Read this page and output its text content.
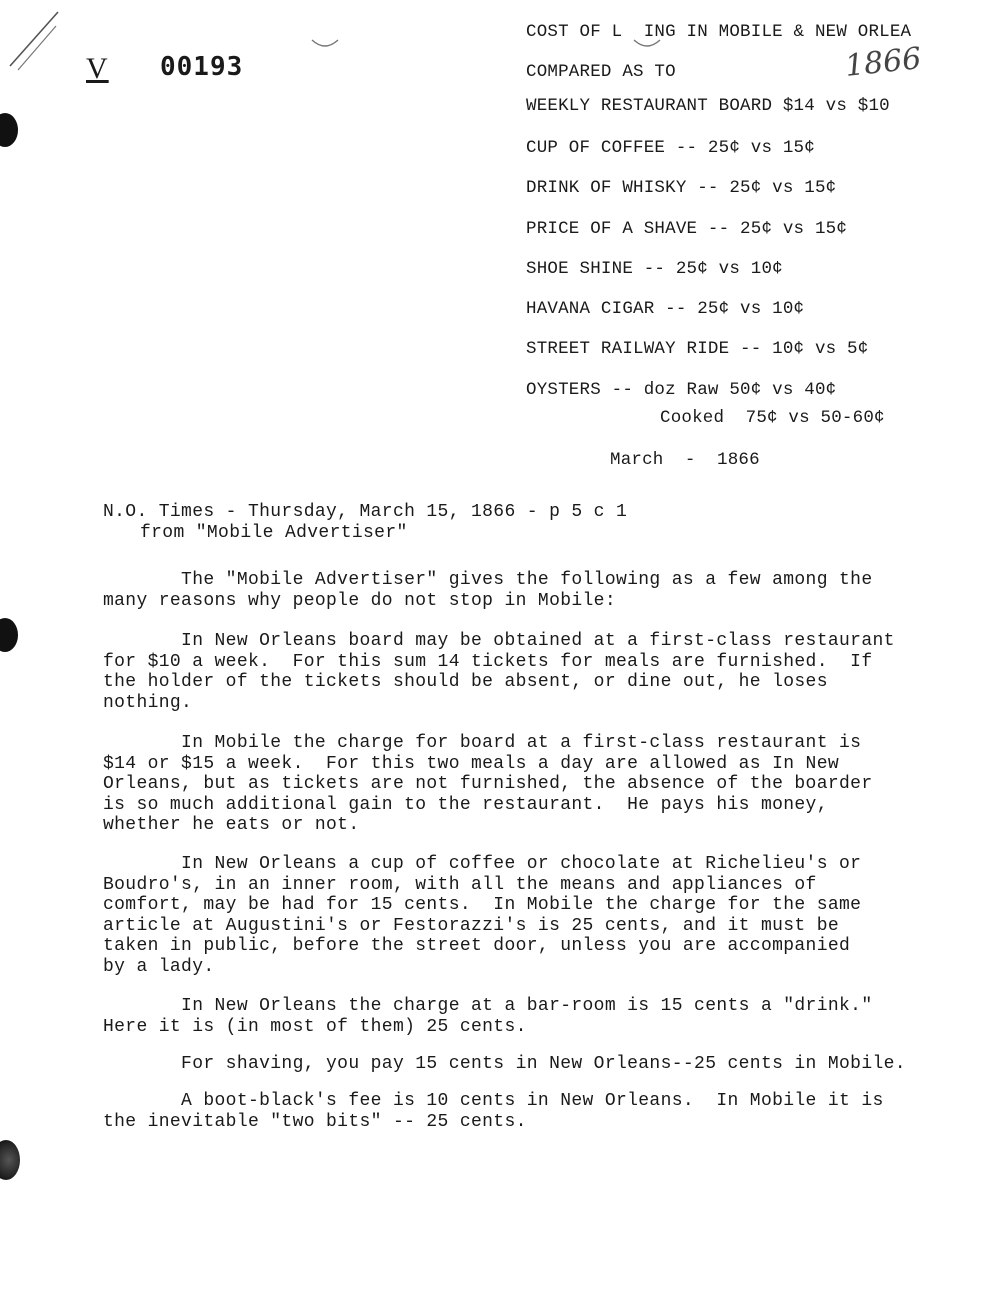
V 00193	1866
COST OF L  ING IN MOBILE & NEW ORLEA
COMPARED AS TO
WEEKLY RESTAURANT BOARD $14 vs $10
CUP OF COFFEE -- 25¢ vs 15¢
DRINK OF WHISKY -- 25¢ vs 15¢
PRICE OF A SHAVE -- 25¢ vs 15¢
SHOE SHINE -- 25¢ vs 10¢
HAVANA CIGAR -- 25¢ vs 10¢
STREET RAILWAY RIDE -- 10¢ vs 5¢
OYSTERS -- doz Raw 50¢ vs 40¢
Cooked  75¢ vs 50-60¢
March  -  1866
N.O. Times - Thursday, March 15, 1866 - p 5 c 1
from "Mobile Advertiser"
The "Mobile Advertiser" gives the following as a few among the
many reasons why people do not stop in Mobile:
In New Orleans board may be obtained at a first-class restaurant
for $10 a week.  For this sum 14 tickets for meals are furnished.  If
the holder of the tickets should be absent, or dine out, he loses
nothing.
In Mobile the charge for board at a first-class restaurant is
$14 or $15 a week.  For this two meals a day are allowed as In New
Orleans, but as tickets are not furnished, the absence of the boarder
is so much additional gain to the restaurant.  He pays his money,
whether he eats or not.
In New Orleans a cup of coffee or chocolate at Richelieu's or
Boudro's, in an inner room, with all the means and appliances of
comfort, may be had for 15 cents.  In Mobile the charge for the same
article at Augustini's or Festorazzi's is 25 cents, and it must be
taken in public, before the street door, unless you are accompanied
by a lady.
In New Orleans the charge at a bar-room is 15 cents a "drink."
Here it is (in most of them) 25 cents.
For shaving, you pay 15 cents in New Orleans--25 cents in Mobile.
A boot-black's fee is 10 cents in New Orleans.  In Mobile it is
the inevitable "two bits" -- 25 cents.
